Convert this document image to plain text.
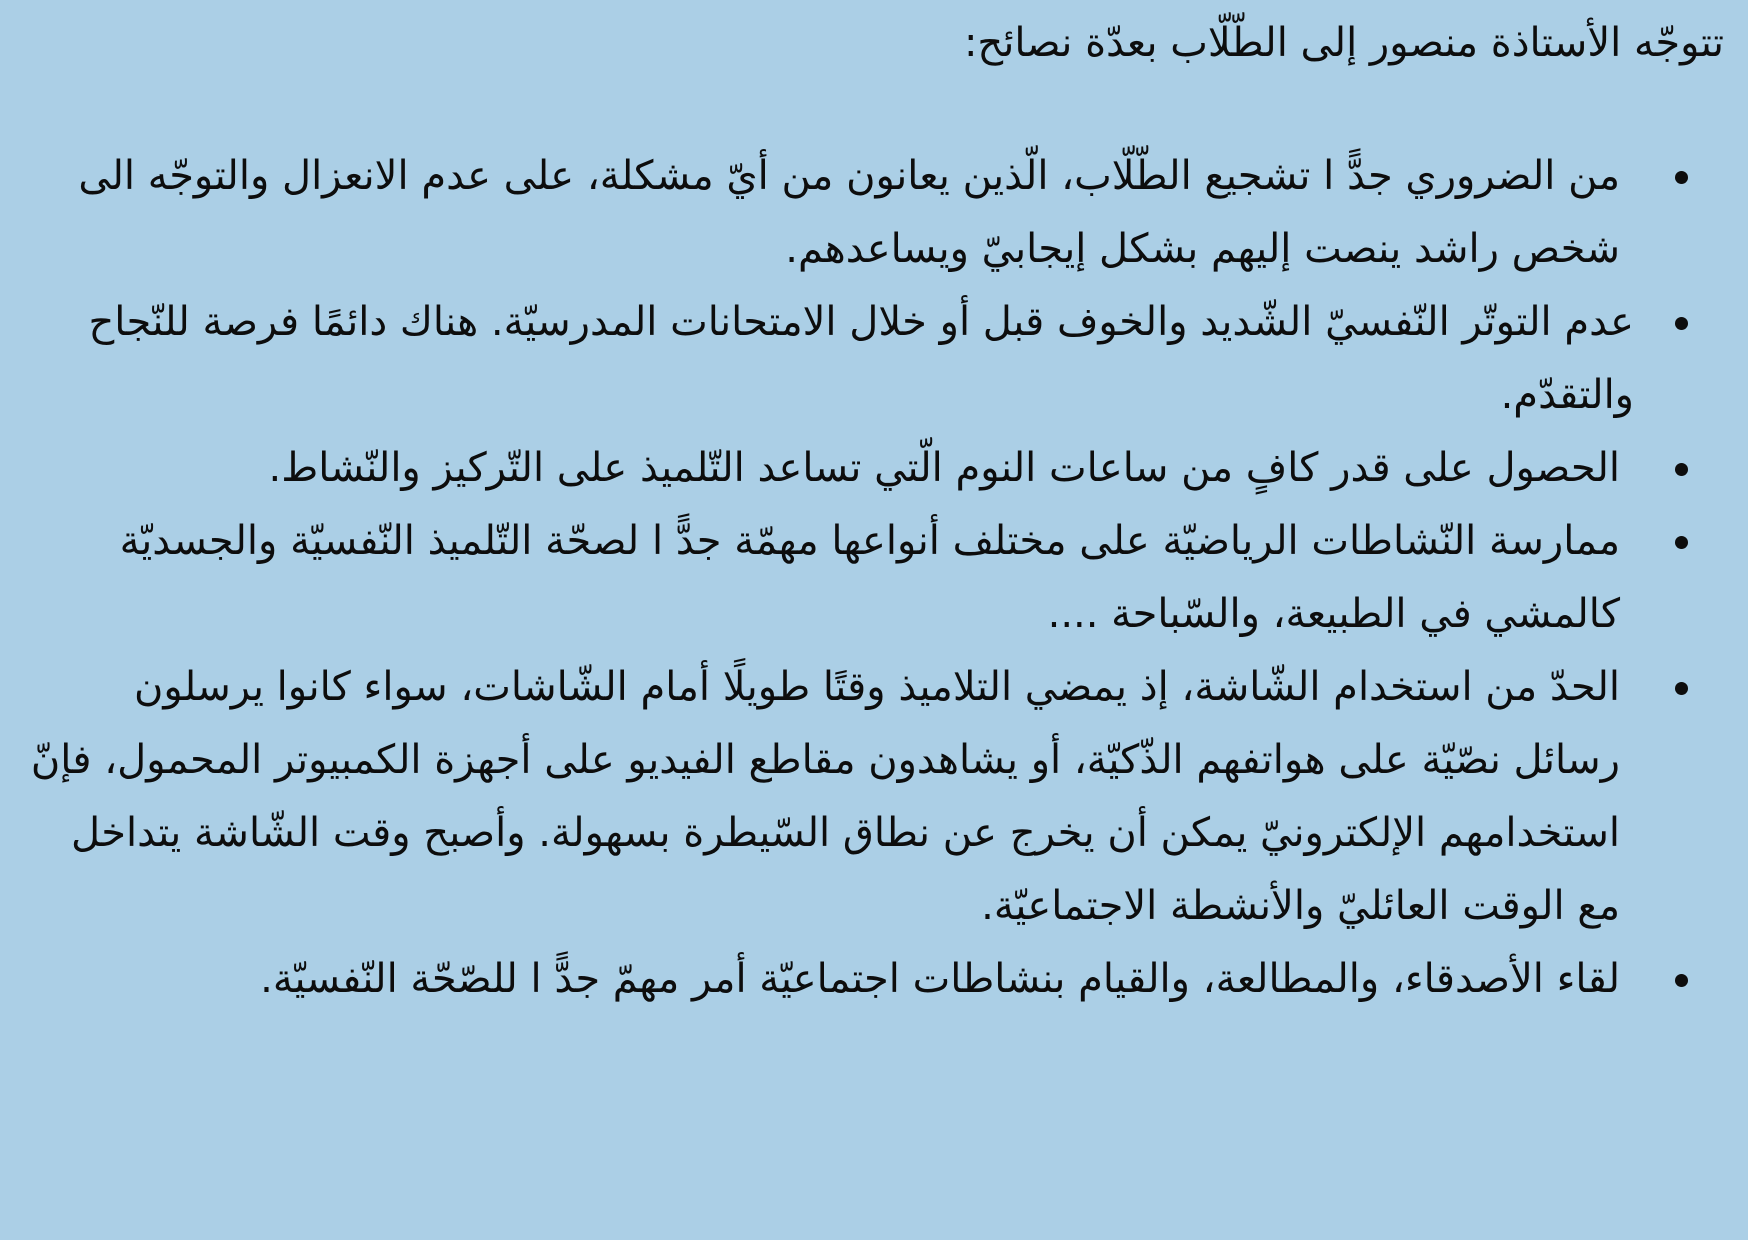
تتوجّه الأستاذة منصور إلى الطّلّاب بعدّة نصائح:

من الضروري جدًّ ا تشجيع الطّلّاب، الّذين يعانون من أيّ مشكلة، على عدم الانعزال والتوجّه الى شخص راشد ينصت إليهم بشكل إيجابيّ ويساعدهم.
عدم التوتّر النّفسيّ الشّديد والخوف قبل أو خلال الامتحانات المدرسيّة. هناك دائمًا فرصة للنّجاح والتقدّم.
الحصول على قدر كافٍ من ساعات النوم الّتي تساعد التّلميذ على التّركيز والنّشاط.
ممارسة النّشاطات الرياضيّة على مختلف أنواعها مهمّة جدًّ ا لصحّة التّلميذ النّفسيّة والجسديّة كالمشي في الطبيعة، والسّباحة ....
الحدّ من استخدام الشّاشة، إذ يمضي التلاميذ وقتًا طويلًا أمام الشّاشات، سواء كانوا يرسلون رسائل نصّيّة على هواتفهم الذّكيّة، أو يشاهدون مقاطع الفيديو على أجهزة الكمبيوتر المحمول، فإنّ استخدامهم الإلكترونيّ يمكن أن يخرج عن نطاق السّيطرة بسهولة. وأصبح وقت الشّاشة يتداخل مع الوقت العائليّ والأنشطة الاجتماعيّة.
لقاء الأصدقاء، والمطالعة، والقيام بنشاطات اجتماعيّة أمر مهمّ جدًّ ا للصّحّة النّفسيّة.
